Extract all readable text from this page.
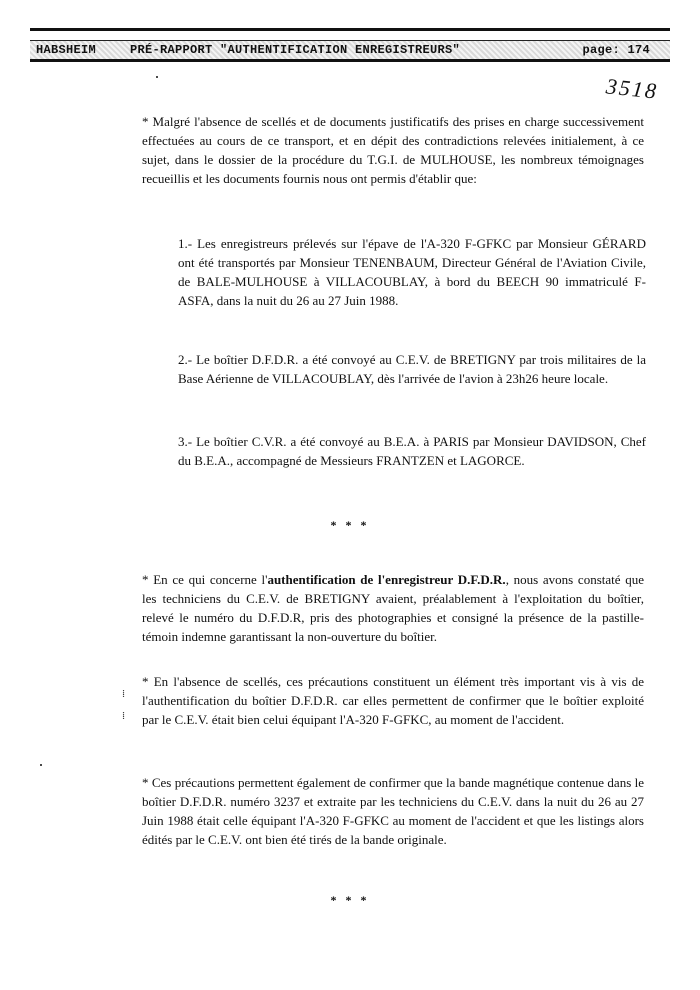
HABSHEIM	PRÉ-RAPPORT "AUTHENTIFICATION ENREGISTREURS"	page: 174
3518

* Malgré l'absence de scellés et de documents justificatifs des prises en charge successivement effectuées au cours de ce transport, et en dépit des contradictions relevées initialement, à ce sujet, dans le dossier de la procédure du T.G.I. de MULHOUSE, les nombreux témoignages recueillis et les documents fournis nous ont permis d'établir que:

1.- Les enregistreurs prélevés sur l'épave de l'A-320 F-GFKC par Monsieur GÉRARD ont été transportés par Monsieur TENENBAUM, Directeur Général de l'Aviation Civile, de BALE-MULHOUSE à VILLACOUBLAY, à bord du BEECH 90 immatriculé F-ASFA, dans la nuit du 26 au 27 Juin 1988.

2.- Le boîtier D.F.D.R. a été convoyé au C.E.V. de BRETIGNY par trois militaires de la Base Aérienne de VILLACOUBLAY, dès l'arrivée de l'avion à 23h26 heure locale.

3.- Le boîtier C.V.R. a été convoyé au B.E.A. à PARIS par Monsieur DAVIDSON, Chef du B.E.A., accompagné de Messieurs FRANTZEN et LAGORCE.

* * *

* En ce qui concerne l'authentification de l'enregistreur D.F.D.R., nous avons constaté que les techniciens du C.E.V. de BRETIGNY avaient, préalablement à l'exploitation du boîtier, relevé le numéro du D.F.D.R, pris des photographies et consigné la présence de la pastille-témoin indemne garantissant la non-ouverture du boîtier.

⁞
⁞

* En l'absence de scellés, ces précautions constituent un élément très important vis à vis de l'authentification du boîtier D.F.D.R. car elles permettent de confirmer que le boîtier exploité par le C.E.V. était bien celui équipant l'A-320 F-GFKC, au moment de l'accident.

* Ces précautions permettent également de confirmer que la bande magnétique contenue dans le boîtier D.F.D.R. numéro 3237 et extraite par les techniciens du C.E.V. dans la nuit du 26 au 27 Juin 1988 était celle équipant l'A-320 F-GFKC au moment de l'accident et que les listings alors édités par le C.E.V. ont bien été tirés de la bande originale.

* * *
